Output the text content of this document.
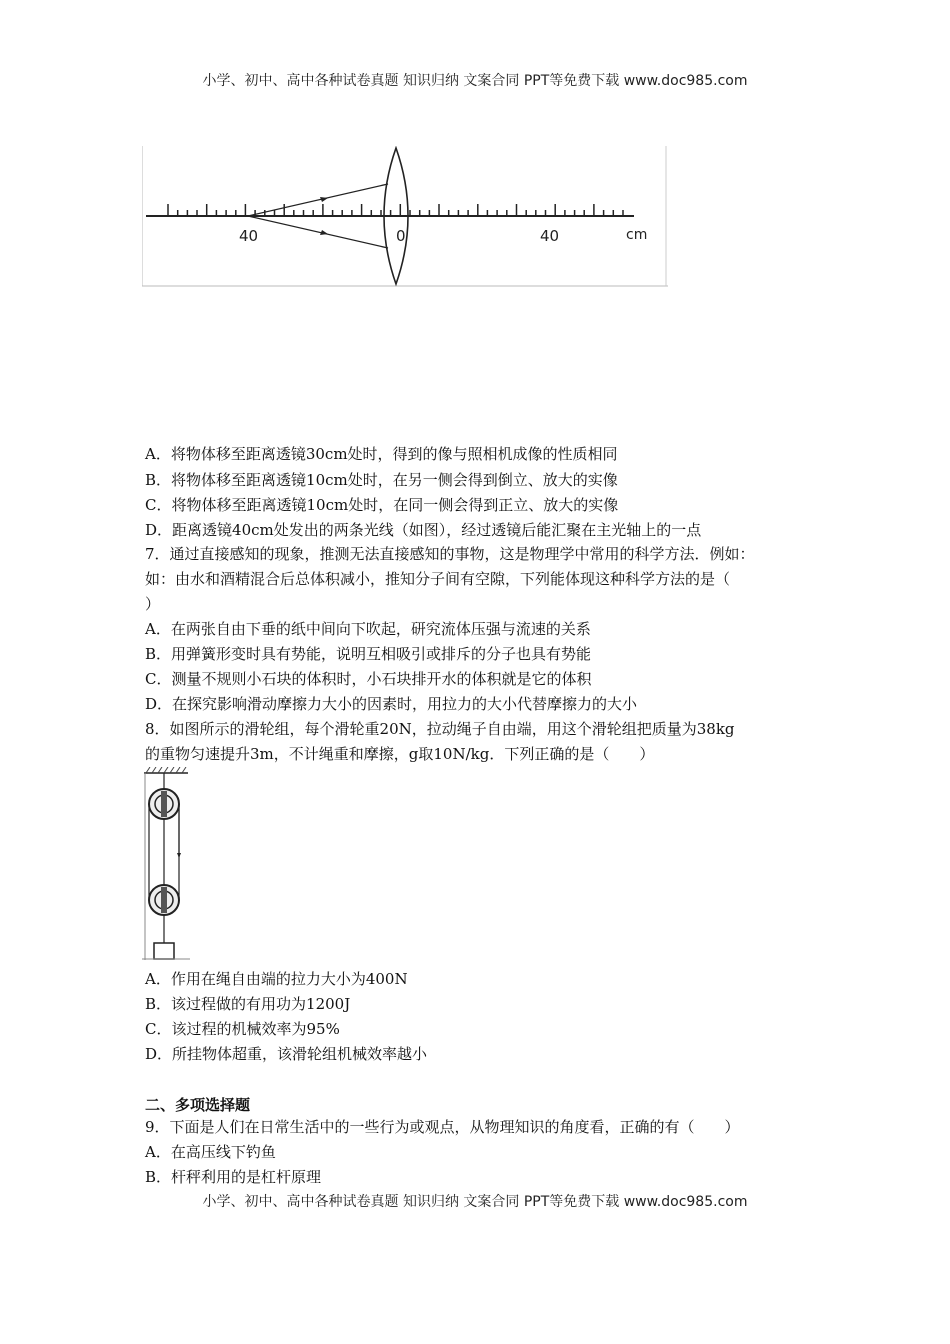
小学、初中、高中各种试卷真题 知识归纳 文案合同 PPT等免费下载 www.doc985.com
40	0	40	cm
A．将物体移至距离透镜30cm处时，得到的像与照相机成像的性质相同
B．将物体移至距离透镜10cm处时，在另一侧会得到倒立、放大的实像
C．将物体移至距离透镜10cm处时，在同一侧会得到正立、放大的实像
D．距离透镜40cm处发出的两条光线（如图），经过透镜后能汇聚在主光轴上的一点
7．通过直接感知的现象，推测无法直接感知的事物，这是物理学中常用的科学方法．例如：
如：由水和酒精混合后总体积减小，推知分子间有空隙，下列能体现这种科学方法的是（
）
A．在两张自由下垂的纸中间向下吹起，研究流体压强与流速的关系
B．用弹簧形变时具有势能，说明互相吸引或排斥的分子也具有势能
C．测量不规则小石块的体积时，小石块排开水的体积就是它的体积
D．在探究影响滑动摩擦力大小的因素时，用拉力的大小代替摩擦力的大小
8．如图所示的滑轮组，每个滑轮重20N，拉动绳子自由端，用这个滑轮组把质量为38kg
的重物匀速提升3m，不计绳重和摩擦，g取10N/kg．下列正确的是（　　）
A．作用在绳自由端的拉力大小为400N
B．该过程做的有用功为1200J
C．该过程的机械效率为95%
D．所挂物体超重，该滑轮组机械效率越小
二、多项选择题
9．下面是人们在日常生活中的一些行为或观点，从物理知识的角度看，正确的有（　　）
A．在高压线下钓鱼
B．杆秤利用的是杠杆原理
小学、初中、高中各种试卷真题 知识归纳 文案合同 PPT等免费下载 www.doc985.com
